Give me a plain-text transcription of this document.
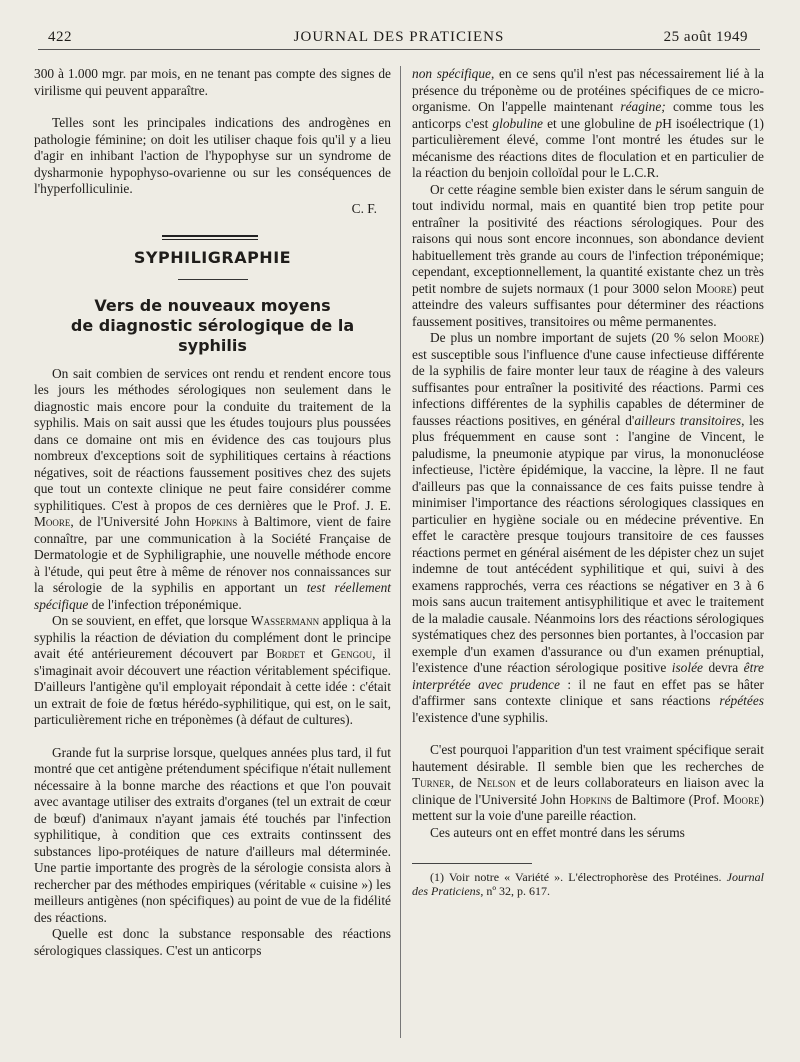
422	JOURNAL DES PRATICIENS	25 août 1949

300 à 1.000 mgr. par mois, en ne tenant pas compte des signes de virilisme qui peuvent apparaître.

Telles sont les principales indications des androgènes en pathologie féminine; on doit les utiliser chaque fois qu'il y a lieu d'agir en inhibant l'action de l'hypophyse sur un syndrome de dysharmonie hypophyso-ovarienne ou sur les conséquences de l'hyperfolliculinie.

C. F.
SYPHILIGRAPHIE
Vers de nouveaux moyens
de diagnostic sérologique de la syphilis

On sait combien de services ont rendu et rendent encore tous les jours les méthodes sérologiques non seulement dans le diagnostic mais encore pour la conduite du traitement de la syphilis. Mais on sait aussi que les études toujours plus poussées dans ce domaine ont mis en évidence des cas toujours plus nombreux d'exceptions soit de syphilitiques certains à réactions négatives, soit de réactions faussement positives chez des sujets que tout un contexte clinique ne peut faire considérer comme syphilitiques. C'est à propos de ces dernières que le Prof. J. E. Moore, de l'Université John Hopkins à Baltimore, vient de faire connaître, par une communication à la Société Française de Dermatologie et de Syphiligraphie, une nouvelle méthode encore à l'étude, qui peut être à même de rénover nos connaissances sur la sérologie de la syphilis en apportant un test réellement spécifique de l'infection tréponémique.

On se souvient, en effet, que lorsque Wassermann appliqua à la syphilis la réaction de déviation du complément dont le principe avait été antérieurement découvert par Bordet et Gengou, il s'imaginait avoir découvert une réaction véritablement spécifique. D'ailleurs l'antigène qu'il employait répondait à cette idée : c'était un extrait de foie de fœtus hérédo-syphilitique, qui est, on le sait, particulièrement riche en tréponèmes (à défaut de cultures).

Grande fut la surprise lorsque, quelques années plus tard, il fut montré que cet antigène prétendument spécifique n'était nullement nécessaire à la bonne marche des réactions et que l'on pouvait avec avantage utiliser des extraits d'organes (tel un extrait de cœur de bœuf) d'animaux n'ayant jamais été touchés par l'infection syphilitique, à condition que ces extraits continssent des substances lipo-protéiques de nature d'ailleurs mal déterminée. Une partie importante des progrès de la sérologie consista alors à rechercher par des méthodes empiriques (véritable « cuisine ») les meilleurs antigènes (non spécifiques) au point de vue de la fidélité des réactions.

Quelle est donc la substance responsable des réactions sérologiques classiques. C'est un anticorps

non spécifique, en ce sens qu'il n'est pas nécessairement lié à la présence du tréponème ou de protéines spécifiques de ce micro-organisme. On l'appelle maintenant réagine; comme tous les anticorps c'est globuline et une globuline de pH isoélectrique (1) particulièrement élevé, comme l'ont montré les études sur le mécanisme des réactions dites de floculation et en particulier de la réaction du benjoin colloïdal pour le L.C.R.

Or cette réagine semble bien exister dans le sérum sanguin de tout individu normal, mais en quantité bien trop petite pour entraîner la positivité des réactions sérologiques. Pour des raisons qui nous sont encore inconnues, son abondance devient habituellement très grande au cours de l'infection tréponémique; cependant, exceptionnellement, la quantité existante chez un très petit nombre de sujets normaux (1 pour 3000 selon Moore) peut atteindre des valeurs suffisantes pour déterminer des réactions faussement positives, transitoires ou même permanentes.

De plus un nombre important de sujets (20 % selon Moore) est susceptible sous l'influence d'une cause infectieuse différente de la syphilis de faire monter leur taux de réagine à des valeurs suffisantes pour entraîner la positivité des réactions. Parmi ces infections différentes de la syphilis capables de déterminer de fausses réactions positives, en général d'ailleurs transitoires, les plus fréquemment en cause sont : l'angine de Vincent, le paludisme, la pneumonie atypique par virus, la mononucléose infectieuse, l'ictère épidémique, la vaccine, la lèpre. Il ne faut d'ailleurs pas que la connaissance de ces faits puisse tendre à minimiser l'importance des réactions sérologiques classiques en particulier en hygiène sociale ou en médecine préventive. En effet le caractère presque toujours transitoire de ces fausses réactions permet en général aisément de les dépister chez un sujet indemne de tout antécédent syphilitique et qui, suivi à des examens rapprochés, verra ces réactions se négativer en 3 à 6 mois sans aucun traitement antisyphilitique et avec le traitement de la maladie causale. Néanmoins lors des réactions sérologiques systématiques chez des personnes bien portantes, à l'occasion par exemple d'un examen d'assurance ou d'un examen prénuptial, l'existence d'une réaction sérologique positive isolée devra être interprétée avec prudence : il ne faut en effet pas se hâter d'affirmer sans contexte clinique et sans réactions répétées l'existence d'une syphilis.

C'est pourquoi l'apparition d'un test vraiment spécifique serait hautement désirable. Il semble bien que les recherches de Turner, de Nelson et de leurs collaborateurs en liaison avec la clinique de l'Université John Hopkins de Baltimore (Prof. Moore) mettent sur la voie d'une pareille réaction.

Ces auteurs ont en effet montré dans les sérums

(1) Voir notre « Variété ». L'électrophorèse des Protéines. Journal des Praticiens, nº 32, p. 617.
